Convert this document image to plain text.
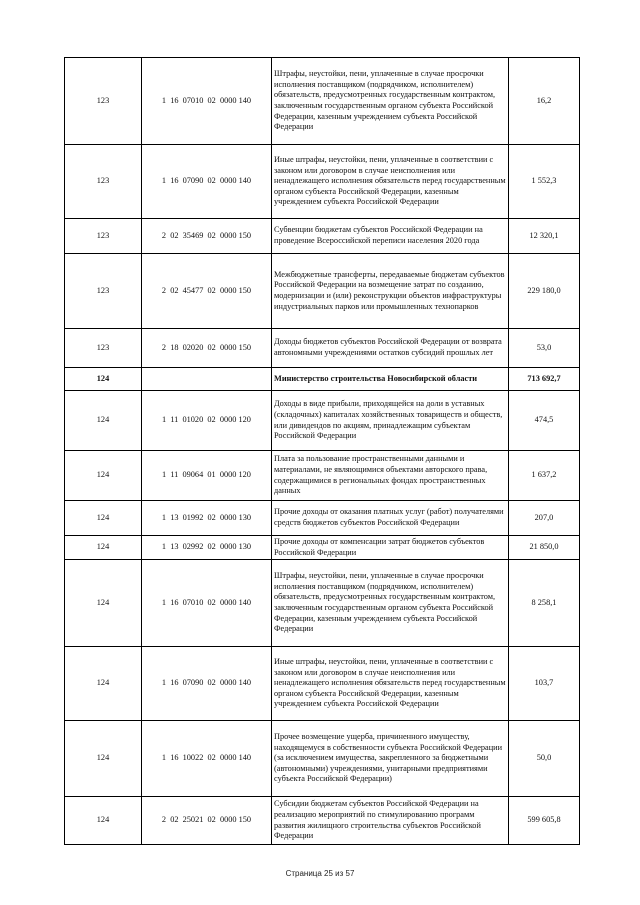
123	1  16  07010  02  0000 140	Штрафы, неустойки, пени, уплаченные в случае просрочки исполнения поставщиком (подрядчиком, исполнителем) обязательств, предусмотренных государственным контрактом, заключенным государственным органом субъекта Российской Федерации, казенным учреждением субъекта Российской Федерации	16,2
123	1  16  07090  02  0000 140	Иные штрафы, неустойки, пени, уплаченные в соответствии с законом или договором в случае неисполнения или ненадлежащего исполнения обязательств перед государственным органом субъекта Российской Федерации, казенным учреждением субъекта Российской Федерации	1 552,3
123	2  02  35469  02  0000 150	Субвенции бюджетам субъектов Российской Федерации на проведение Всероссийской переписи населения 2020 года	12 320,1
123	2  02  45477  02  0000 150	Межбюджетные трансферты, передаваемые бюджетам субъектов Российской Федерации на возмещение затрат по созданию, модернизации и (или) реконструкции объектов инфраструктуры индустриальных парков или промышленных технопарков	229 180,0
123	2  18  02020  02  0000 150	Доходы бюджетов субъектов Российской Федерации от возврата автономными учреждениями остатков субсидий прошлых лет	53,0
124		Министерство строительства Новосибирской области	713 692,7
124	1  11  01020  02  0000 120	Доходы в виде прибыли, приходящейся на доли в уставных (складочных) капиталах хозяйственных товариществ и обществ, или дивидендов по акциям, принадлежащим субъектам Российской Федерации	474,5
124	1  11  09064  01  0000 120	Плата за пользование пространственными данными и материалами, не являющимися объектами авторского права, содержащимися в региональных фондах пространственных данных	1 637,2
124	1  13  01992  02  0000 130	Прочие доходы от оказания платных услуг (работ) получателями средств бюджетов субъектов Российской Федерации	207,0
124	1  13  02992  02  0000 130	Прочие доходы от компенсации затрат бюджетов субъектов Российской Федерации	21 850,0
124	1  16  07010  02  0000 140	Штрафы, неустойки, пени, уплаченные в случае просрочки исполнения поставщиком (подрядчиком, исполнителем) обязательств, предусмотренных государственным контрактом, заключенным государственным органом субъекта Российской Федерации, казенным учреждением субъекта Российской Федерации	8 258,1
124	1  16  07090  02  0000 140	Иные штрафы, неустойки, пени, уплаченные в соответствии с законом или договором в случае неисполнения или ненадлежащего исполнения обязательств перед государственным органом субъекта Российской Федерации, казенным учреждением субъекта Российской Федерации	103,7
124	1  16  10022  02  0000 140	Прочее возмещение ущерба, причиненного имуществу, находящемуся в собственности субъекта Российской Федерации (за исключением имущества, закрепленного за бюджетными (автономными) учреждениями, унитарными предприятиями субъекта Российской Федерации)	50,0
124	2  02  25021  02  0000 150	Субсидии бюджетам субъектов Российской Федерации на реализацию мероприятий по стимулированию программ развития жилищного строительства субъектов Российской Федерации	599 605,8
Страница 25 из 57
